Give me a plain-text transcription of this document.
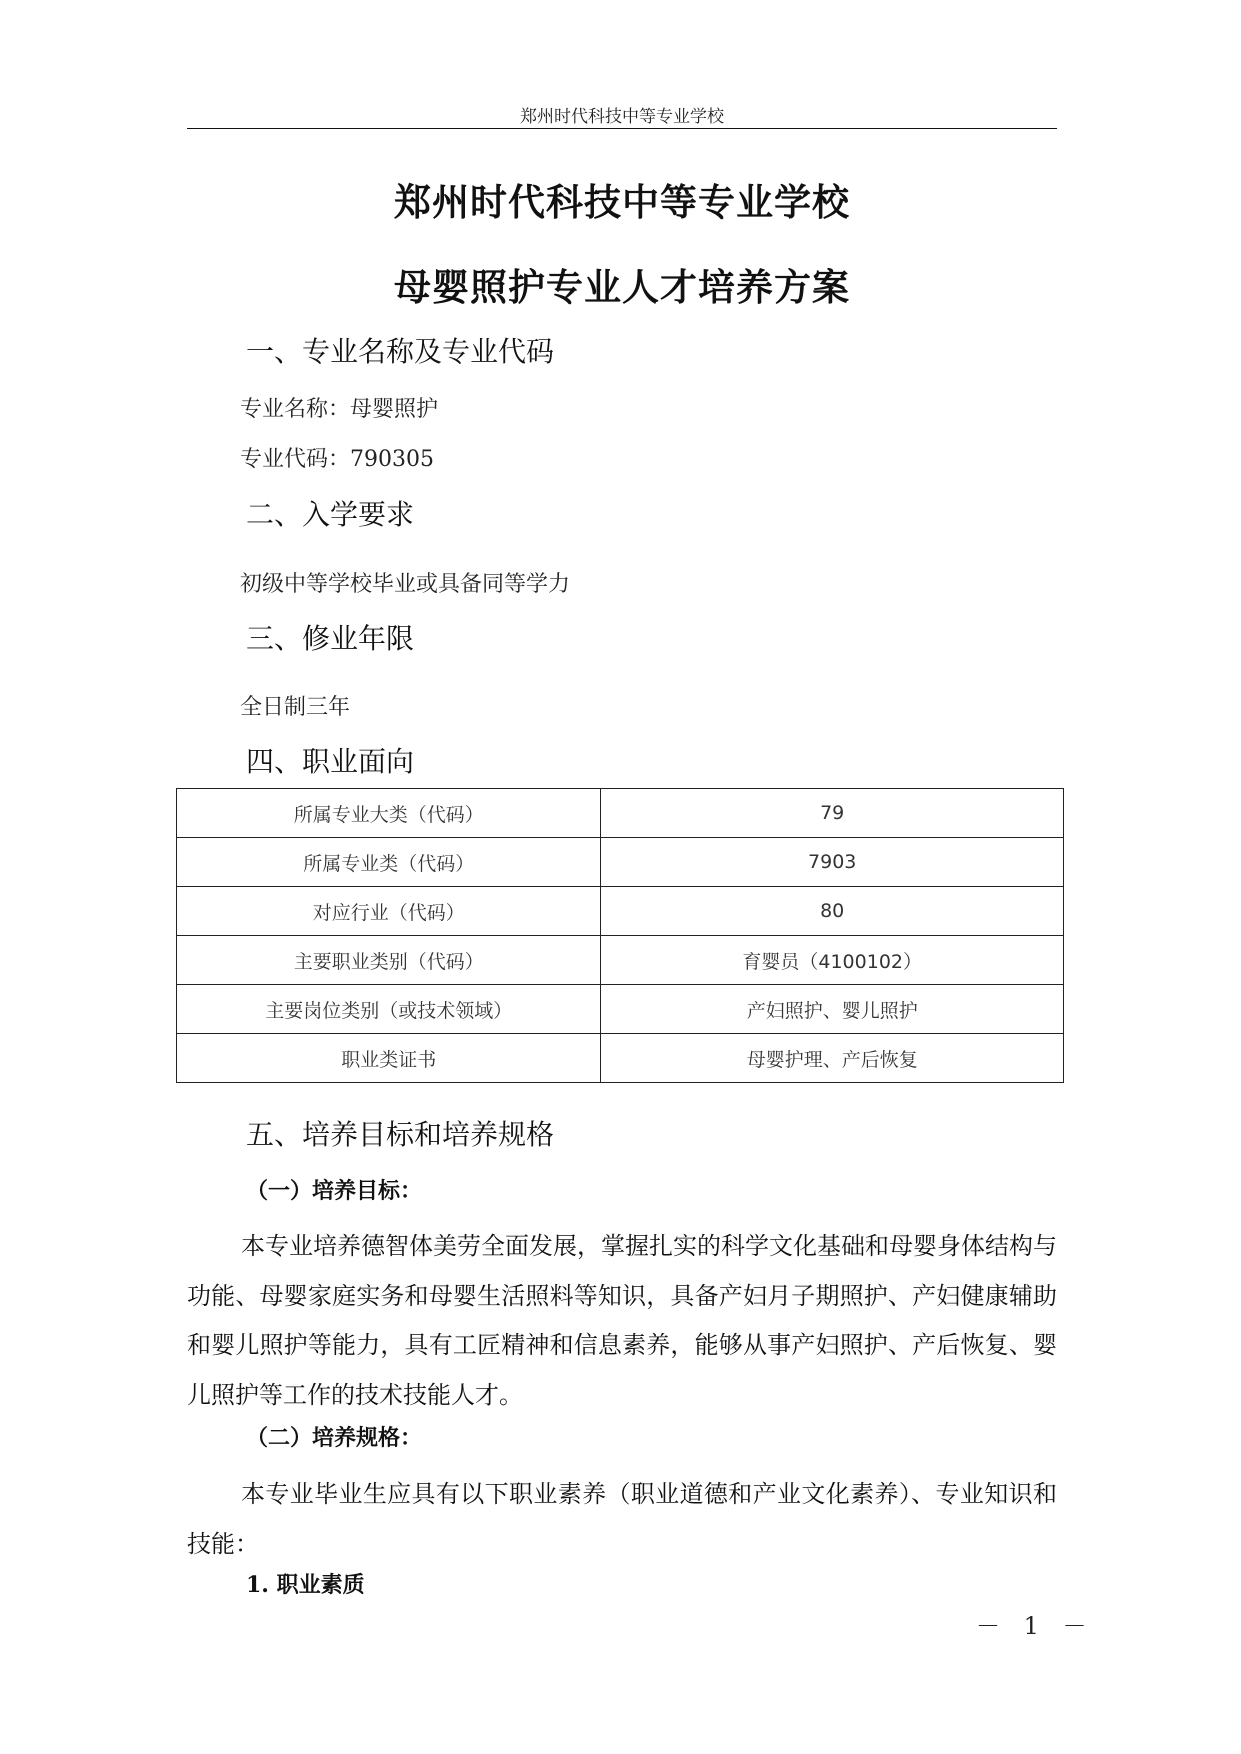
郑州时代科技中等专业学校
郑州时代科技中等专业学校
母婴照护专业人才培养方案
一、专业名称及专业代码
专业名称：母婴照护
专业代码：790305
二、入学要求
初级中等学校毕业或具备同等学力
三、修业年限
全日制三年
四、职业面向
所属专业大类（代码）	79
所属专业类（代码）	7903
对应行业（代码）	80
主要职业类别（代码）	育婴员（4100102）
主要岗位类别（或技术领域）	产妇照护、婴儿照护
职业类证书	母婴护理、产后恢复
五、培养目标和培养规格
（一）培养目标：

本专业培养德智体美劳全面发展，掌握扎实的科学文化基础和母婴身体结构与功能、母婴家庭实务和母婴生活照料等知识，具备产妇月子期照护、产妇健康辅助和婴儿照护等能力，具有工匠精神和信息素养，能够从事产妇照护、产后恢复、婴儿照护等工作的技术技能人才。

（二）培养规格：

本专业毕业生应具有以下职业素养（职业道德和产业文化素养）、专业知识和技能：

1. 职业素质
－ 1 －
